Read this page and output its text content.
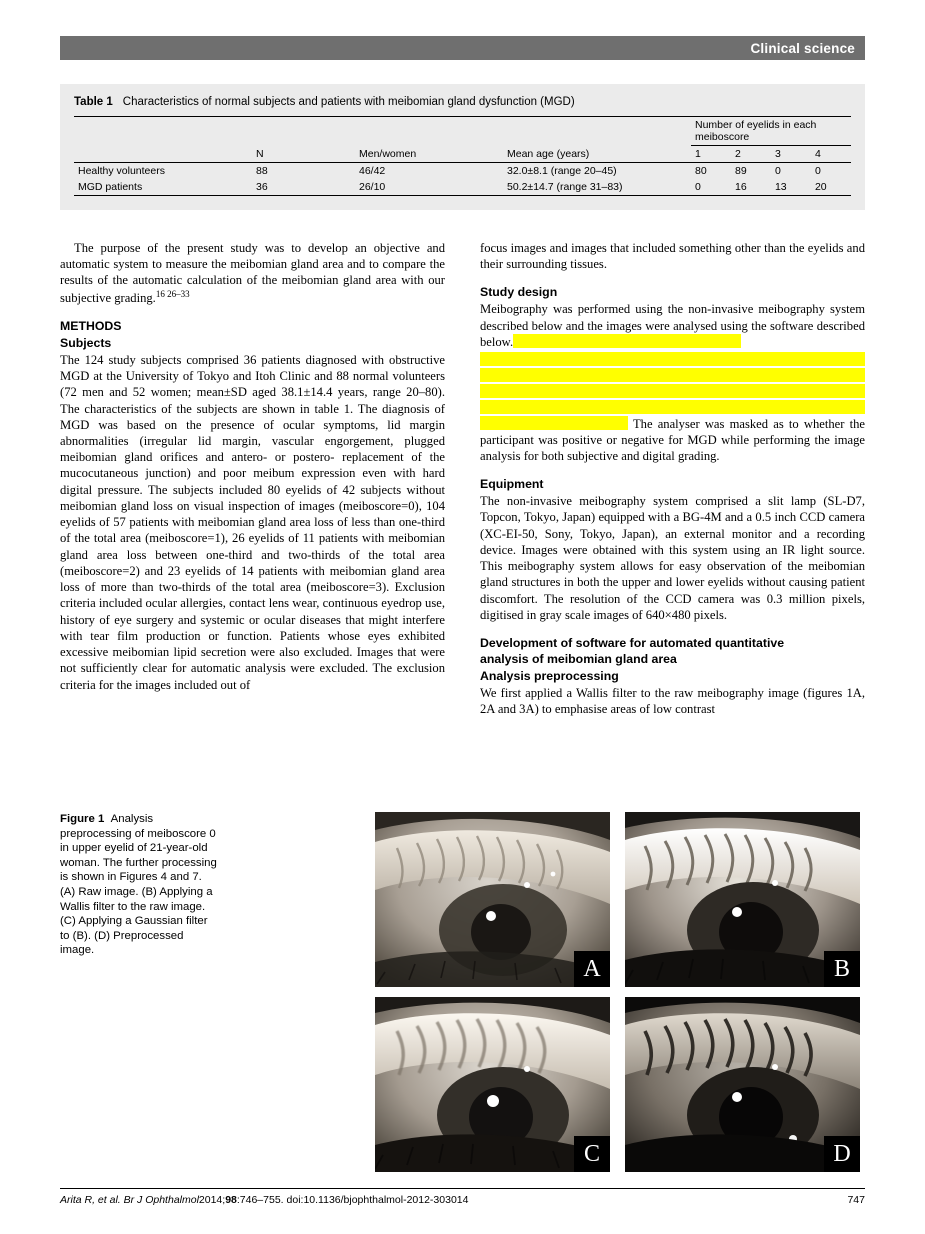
Clinical science
Table 1 Characteristics of normal subjects and patients with meibomian gland dysfunction (MGD)
				Number of eyelids in each meiboscore			
	N	Men/women	Mean age (years)	1	2	3	4
Healthy volunteers	88	46/42	32.0±8.1 (range 20–45)	80	89	0	0
MGD patients	36	26/10	50.2±14.7 (range 31–83)	0	16	13	20

The purpose of the present study was to develop an objective and automatic system to measure the meibomian gland area and to compare the results of the automatic calculation of the meibomian gland area with our subjective grading.$^{16 26-33}$

METHODS
Subjects

The 124 study subjects comprised 36 patients diagnosed with obstructive MGD at the University of Tokyo and Itoh Clinic and 88 normal volunteers (72 men and 52 women; mean±SD aged 38.1±14.4 years, range 20–80). The characteristics of the subjects are shown in table 1. The diagnosis of MGD was based on the presence of ocular symptoms, lid margin abnormalities (irregular lid margin, vascular engorgement, plugged meibomian gland orifices and antero- or postero- replacement of the mucocutaneous junction) and poor meibum expression even with hard digital pressure. The subjects included 80 eyelids of 42 subjects without meibomian gland loss on visual inspection of images (meiboscore=0), 104 eyelids of 57 patients with meibomian gland area loss of less than one-third of the total area (meiboscore=1), 26 eyelids of 11 patients with meibomian gland area loss between one-third and two-thirds of the total area (meiboscore=2) and 23 eyelids of 14 patients with meibomian gland area loss of more than two-thirds of the total area (meiboscore=3). Exclusion criteria included ocular allergies, contact lens wear, continuous eyedrop use, history of eye surgery and systemic or ocular diseases that might interfere with tear film production or function. Patients whose eyes exhibited excessive meibomian lipid secretion were also excluded. Images that were not sufficiently clear for automatic analysis were excluded. The exclusion criteria for the images included out of

focus images and images that included something other than the eyelids and their surrounding tissues.

Study design

Meibography was performed using the non-invasive meibography system described below and the images were analysed using the software described below.

The analyser was masked as to whether the participant was positive or negative for MGD while performing the image analysis for both subjective and digital grading.

Equipment

The non-invasive meibography system comprised a slit lamp (SL-D7, Topcon, Tokyo, Japan) equipped with a BG-4M and a 0.5 inch CCD camera (XC-EI-50, Sony, Tokyo, Japan), an external monitor and a recording device. Images were obtained with this system using an IR light source. This meibography system allows for easy observation of the meibomian gland structures in both the upper and lower eyelids without causing patient discomfort. The resolution of the CCD camera was 0.3 million pixels, digitised in gray scale images of 640×480 pixels.

Development of software for automated quantitative
analysis of meibomian gland area
Analysis preprocessing

We first applied a Wallis filter to the raw meibography image (figures 1A, 2A and 3A) to emphasise areas of low contrast

Figure 1 Analysis preprocessing of meiboscore 0 in upper eyelid of 21-year-old woman. The further processing is shown in Figures 4 and 7. (A) Raw image. (B) Applying a Wallis filter to the raw image. (C) Applying a Gaussian filter to (B). (D) Preprocessed image.
A	B
C	D
Arita R, et al. Br J Ophthalmol2014;98:746–755. doi:10.1136/bjophthalmol-2012-303014	747
